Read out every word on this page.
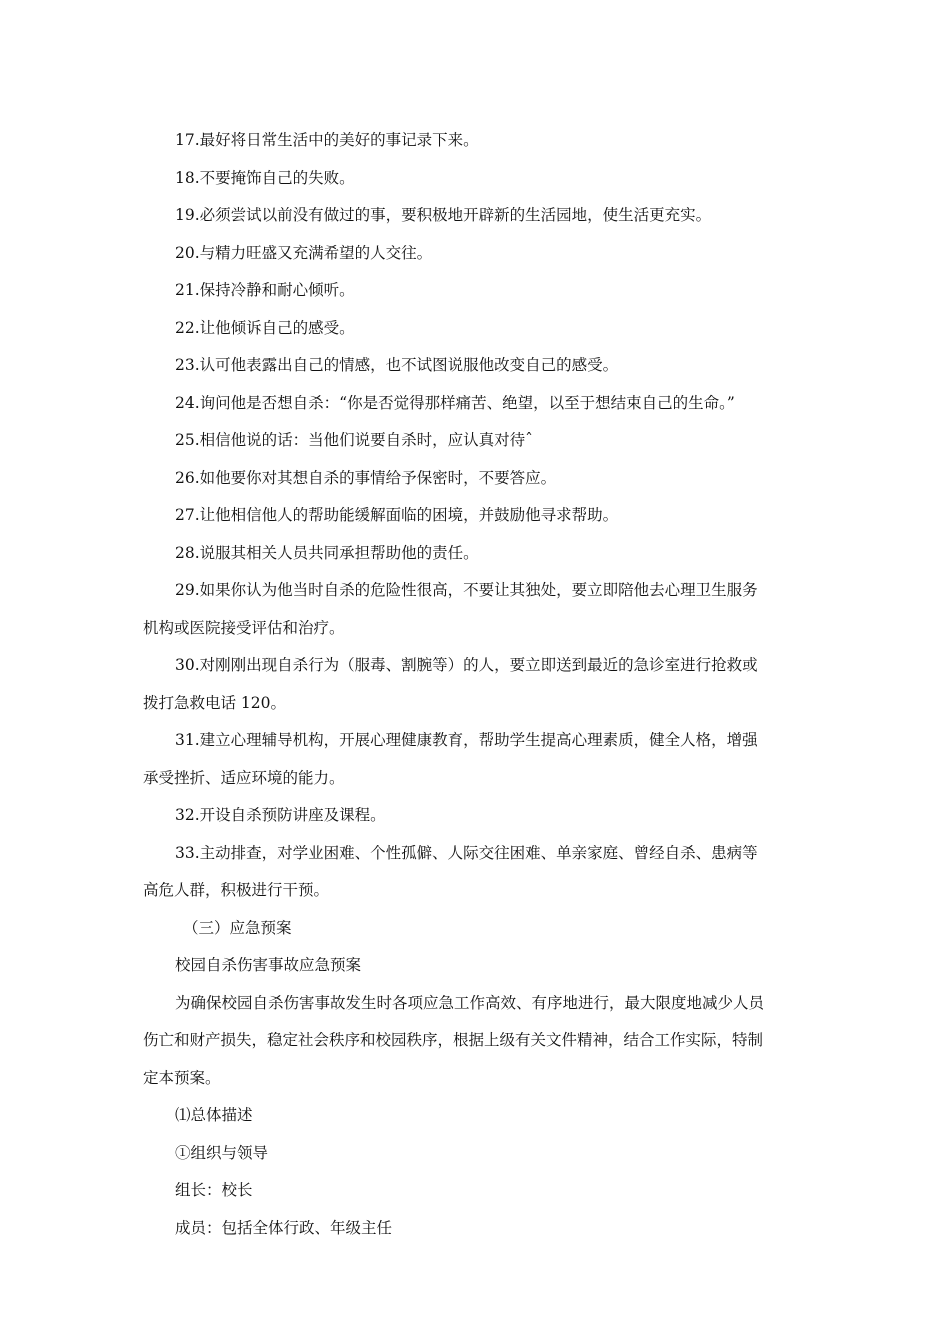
17.最好将日常生活中的美好的事记录下来。
18.不要掩饰自己的失败。
19.必须尝试以前没有做过的事，要积极地开辟新的生活园地，使生活更充实。
20.与精力旺盛又充满希望的人交往。
21.保持冷静和耐心倾听。
22.让他倾诉自己的感受。
23.认可他表露出自己的情感，也不试图说服他改变自己的感受。
24.询问他是否想自杀：“你是否觉得那样痛苦、绝望，以至于想结束自己的生命。”
25.相信他说的话：当他们说要自杀时，应认真对待ˆ
26.如他要你对其想自杀的事情给予保密时，不要答应。
27.让他相信他人的帮助能缓解面临的困境，并鼓励他寻求帮助。
28.说服其相关人员共同承担帮助他的责任。
29.如果你认为他当时自杀的危险性很高，不要让其独处，要立即陪他去心理卫生服务
机构或医院接受评估和治疗。
30.对刚刚出现自杀行为（服毒、割腕等）的人，要立即送到最近的急诊室进行抢救或
拨打急救电话 120。
31.建立心理辅导机构，开展心理健康教育，帮助学生提高心理素质，健全人格，增强
承受挫折、适应环境的能力。
32.开设自杀预防讲座及课程。
33.主动排查，对学业困难、个性孤僻、人际交往困难、单亲家庭、曾经自杀、患病等
高危人群，积极进行干预。
（三）应急预案
校园自杀伤害事故应急预案
为确保校园自杀伤害事故发生时各项应急工作高效、有序地进行，最大限度地减少人员
伤亡和财产损失，稳定社会秩序和校园秩序，根据上级有关文件精神，结合工作实际，特制
定本预案。
⑴总体描述
①组织与领导
组长：校长
成员：包括全体行政、年级主任
